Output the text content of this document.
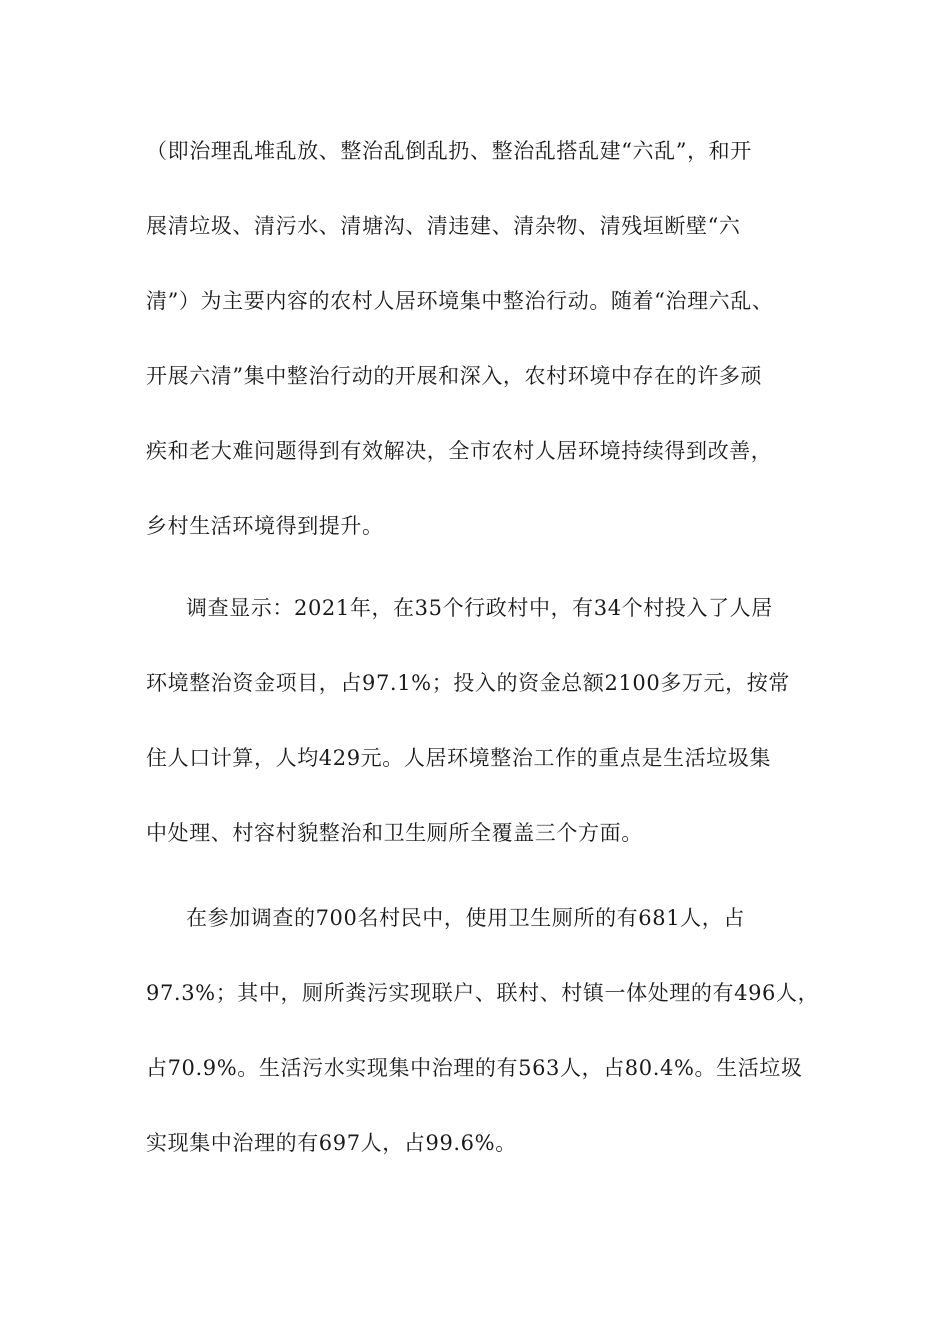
（即治理乱堆乱放、整治乱倒乱扔、整治乱搭乱建“六乱”，和开
展清垃圾、清污水、清塘沟、清违建、清杂物、清残垣断壁“六
清”）为主要内容的农村人居环境集中整治行动。随着“治理六乱、
开展六清”集中整治行动的开展和深入，农村环境中存在的许多顽
疾和老大难问题得到有效解决，全市农村人居环境持续得到改善，
乡村生活环境得到提升。
调查显示：2021年，在35个行政村中，有34个村投入了人居
环境整治资金项目，占97.1%；投入的资金总额2100多万元，按常
住人口计算，人均429元。人居环境整治工作的重点是生活垃圾集
中处理、村容村貌整治和卫生厕所全覆盖三个方面。
在参加调查的700名村民中，使用卫生厕所的有681人，占
97.3%；其中，厕所粪污实现联户、联村、村镇一体处理的有496人，
占70.9%。生活污水实现集中治理的有563人，占80.4%。生活垃圾
实现集中治理的有697人，占99.6%。
